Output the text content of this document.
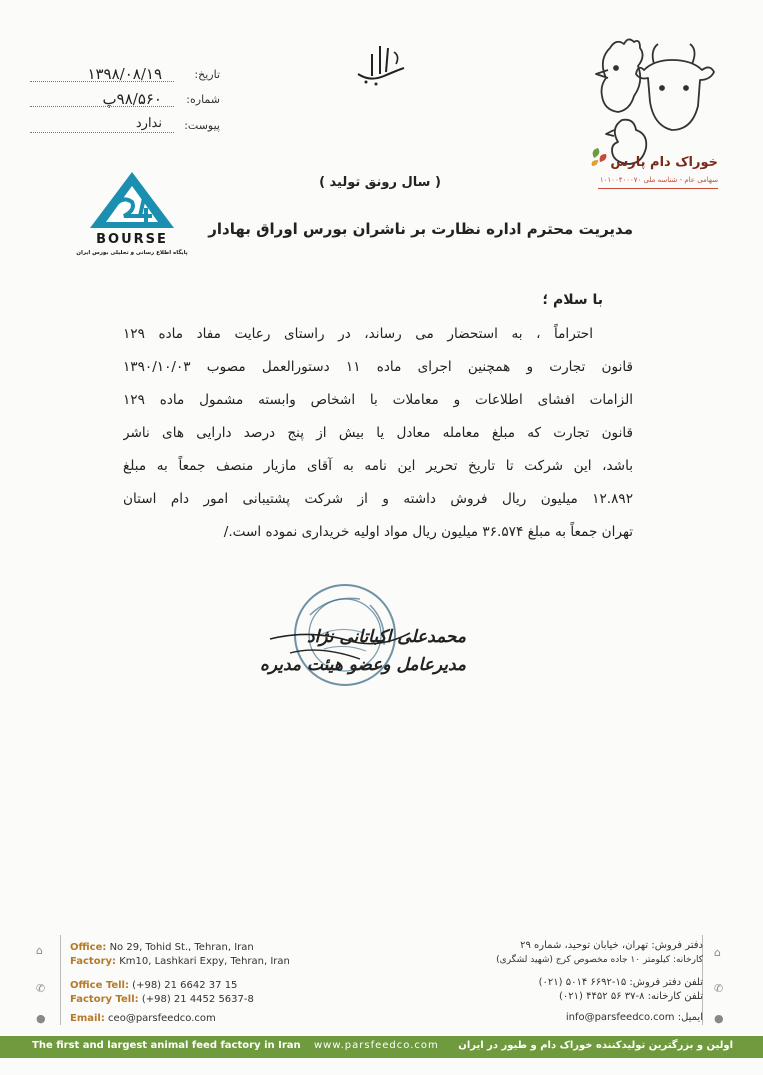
تاریخ:
۱۳۹۸/۰۸/۱۹
شماره:
۹۸/۵۶۰پ
پیوست:
ندارد
خوراک دام پارس
سهامی عام - شناسه ملی ۱۰۱۰۰۴۰۰۰۷۰
BOURSE
پایگاه اطلاع رسانی و تحلیلی بورس ایران
( سال رونق تولید )
مدیریت محترم اداره نظارت بر ناشران بورس اوراق بهادار
با سلام ؛
احتراماً ، به استحضار می رساند، در راستای رعایت مفاد ماده ۱۲۹
قانون تجارت و همچنین اجرای ماده ۱۱ دستورالعمل مصوب ۱۳۹۰/۱۰/۰۳
الزامات افشای اطلاعات و معاملات با اشخاص وابسته مشمول ماده ۱۲۹
قانون تجارت که مبلغ معامله معادل یا بیش از پنج درصد دارایی های ناشر
باشد، این شرکت تا تاریخ تحریر این نامه به آقای مازیار منصف جمعاً به مبلغ
۱۲.۸۹۲ میلیون ریال فروش داشته و از شرکت پشتیبانی امور دام استان
تهران جمعاً به مبلغ ۳۶.۵۷۴ میلیون ریال مواد اولیه خریداری نموده است./
محمدعلی اکباتانی نژاد
مدیرعامل وعضو هیئت مدیره
⌂
✆
●
Office: No 29, Tohid St., Tehran, Iran
Factory: Km10, Lashkari Expy, Tehran, Iran
Office Tell: (+98) 21 6642 37 15
Factory Tell: (+98) 21 4452 5637-8
Email: ceo@parsfeedco.com
⌂
✆
●
دفتر فروش: تهران، خیابان توحید، شماره ۲۹
کارخانه: کیلومتر ۱۰ جاده مخصوص کرج (شهید لشگری)
تلفن دفتر فروش: ۱۵-۶۶۹۲ ۵۰۱۴ (۰۲۱)
تلفن کارخانه: ۸-۳۷ ۵۶ ۴۴۵۲ (۰۲۱)
ایمیل: info@parsfeedco.com
The first and largest animal feed factory in Iran www.parsfeedco.com اولین و بزرگترین تولیدکننده خوراک دام و طیور در ایران
